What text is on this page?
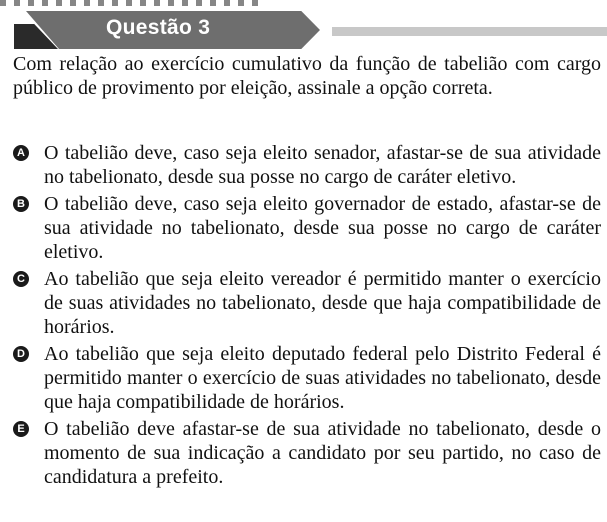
Questão 3
Com relação ao exercício cumulativo da função de tabelião com cargo público de provimento por eleição, assinale a opção correta.
A O tabelião deve, caso seja eleito senador, afastar-se de sua atividade no tabelionato, desde sua posse no cargo de caráter eletivo.
B O tabelião deve, caso seja eleito governador de estado, afastar-se de sua atividade no tabelionato, desde sua posse no cargo de caráter eletivo.
C Ao tabelião que seja eleito vereador é permitido manter o exercício de suas atividades no tabelionato, desde que haja compatibilidade de horários.
D Ao tabelião que seja eleito deputado federal pelo Distrito Federal é permitido manter o exercício de suas atividades no tabelionato, desde que haja compatibilidade de horários.
E O tabelião deve afastar-se de sua atividade no tabelionato, desde o momento de sua indicação a candidato por seu partido, no caso de candidatura a prefeito.
